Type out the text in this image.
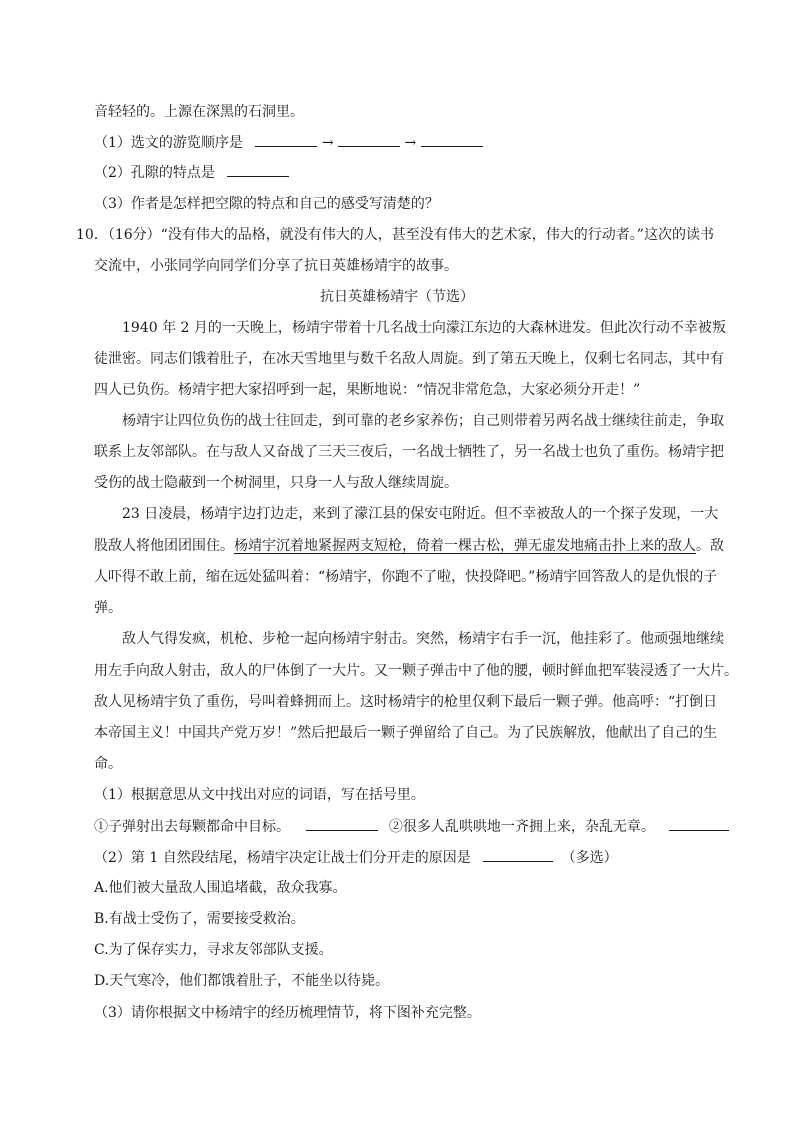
音轻轻的。上源在深黑的石洞里。
（1）选文的游览顺序是	→	→
（2）孔隙的特点是
（3）作者是怎样把空隙的特点和自己的感受写清楚的？
10．（16分）“没有伟大的品格，就没有伟大的人，甚至没有伟大的艺术家，伟大的行动者。”这次的读书
交流中，小张同学向同学们分享了抗日英雄杨靖宇的故事。
抗日英雄杨靖宇（节选）
1940 年 2 月的一天晚上，杨靖宇带着十几名战士向濛江东边的大森林进发。但此次行动不幸被叛
徒泄密。同志们饿着肚子，在冰天雪地里与数千名敌人周旋。到了第五天晚上，仅剩七名同志，其中有
四人已负伤。杨靖宇把大家招呼到一起，果断地说：“情况非常危急，大家必须分开走！”
杨靖宇让四位负伤的战士往回走，到可靠的老乡家养伤；自己则带着另两名战士继续往前走，争取
联系上友邻部队。在与敌人又奋战了三天三夜后，一名战士牺牲了，另一名战士也负了重伤。杨靖宇把
受伤的战士隐蔽到一个树洞里，只身一人与敌人继续周旋。
23 日凌晨，杨靖宇边打边走，来到了濛江县的保安屯附近。但不幸被敌人的一个探子发现，一大
股敌人将他团团围住。杨靖宇沉着地紧握两支短枪，倚着一棵古松，弹无虚发地痛击扑上来的敌人。敌
人吓得不敢上前，缩在远处猛叫着：“杨靖宇，你跑不了啦，快投降吧。”杨靖宇回答敌人的是仇恨的子
弹。
敌人气得发疯，机枪、步枪一起向杨靖宇射击。突然，杨靖宇右手一沉，他挂彩了。他顽强地继续
用左手向敌人射击，敌人的尸体倒了一大片。又一颗子弹击中了他的腰，顿时鲜血把军装浸透了一大片。
敌人见杨靖宇负了重伤，号叫着蜂拥而上。这时杨靖宇的枪里仅剩下最后一颗子弹。他高呼：“打倒日
本帝国主义！中国共产党万岁！”然后把最后一颗子弹留给了自己。为了民族解放，他献出了自己的生
命。
（1）根据意思从文中找出对应的词语，写在括号里。
①子弹射出去每颗都命中目标。	②很多人乱哄哄地一齐拥上来，杂乱无章。
（2）第 1 自然段结尾，杨靖宇决定让战士们分开走的原因是	（多选）
A.他们被大量敌人围追堵截，敌众我寡。
B.有战士受伤了，需要接受救治。
C.为了保存实力，寻求友邻部队支援。
D.天气寒冷，他们都饿着肚子，不能坐以待毙。
（3）请你根据文中杨靖宇的经历梳理情节，将下图补充完整。
